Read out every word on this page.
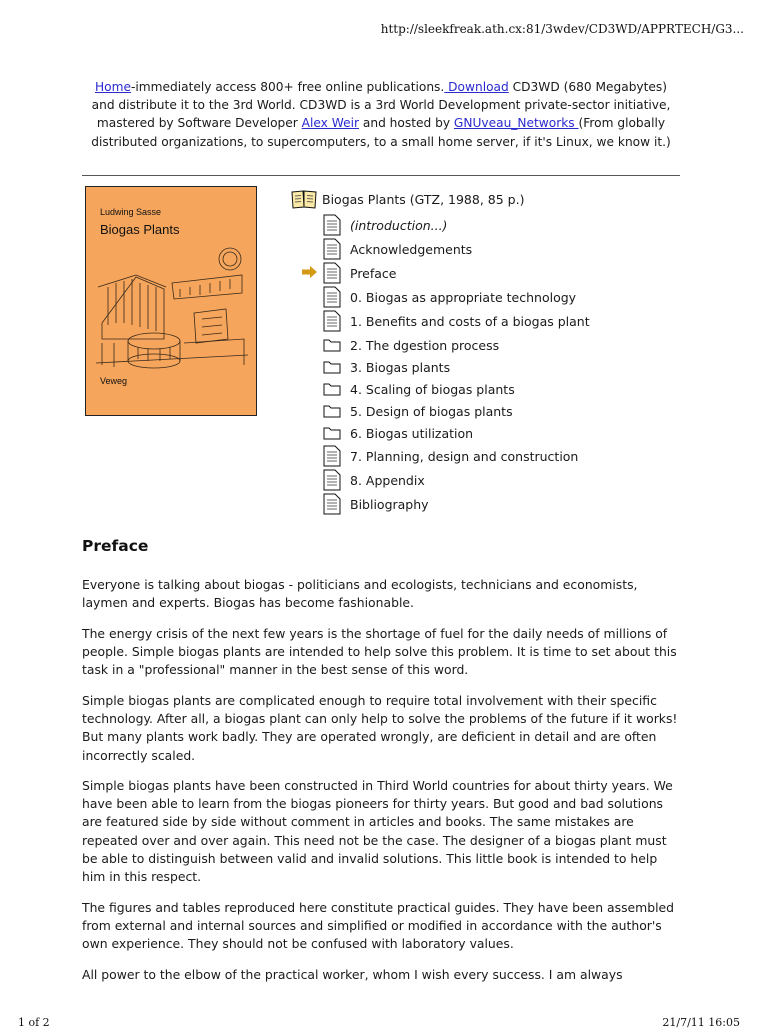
http://sleekfreak.ath.cx:81/3wdev/CD3WD/APPRTECH/G3...
Home-immediately access 800+ free online publications. Download CD3WD (680 Megabytes) and distribute it to the 3rd World. CD3WD is a 3rd World Development private-sector initiative, mastered by Software Developer Alex Weir and hosted by GNUveau_Networks (From globally distributed organizations, to supercomputers, to a small home server, if it's Linux, we know it.)
Ludwing Sasse
Biogas Plants
Veweg
Biogas Plants (GTZ, 1988, 85 p.)
(introduction...)
Acknowledgements
Preface
0. Biogas as appropriate technology
1. Benefits and costs of a biogas plant
2. The dgestion process
3. Biogas plants
4. Scaling of biogas plants
5. Design of biogas plants
6. Biogas utilization
7. Planning, design and construction
8. Appendix
Bibliography
Preface

Everyone is talking about biogas - politicians and ecologists, technicians and economists, laymen and experts. Biogas has become fashionable.

The energy crisis of the next few years is the shortage of fuel for the daily needs of millions of people. Simple biogas plants are intended to help solve this problem. It is time to set about this task in a "professional" manner in the best sense of this word.

Simple biogas plants are complicated enough to require total involvement with their specific technology. After all, a biogas plant can only help to solve the problems of the future if it works! But many plants work badly. They are operated wrongly, are deficient in detail and are often incorrectly scaled.

Simple biogas plants have been constructed in Third World countries for about thirty years. We have been able to learn from the biogas pioneers for thirty years. But good and bad solutions are featured side by side without comment in articles and books. The same mistakes are repeated over and over again. This need not be the case. The designer of a biogas plant must be able to distinguish between valid and invalid solutions. This little book is intended to help him in this respect.

The figures and tables reproduced here constitute practical guides. They have been assembled from external and internal sources and simplified or modified in accordance with the author's own experience. They should not be confused with laboratory values.

All power to the elbow of the practical worker, whom I wish every success. I am always

1 of 2	21/7/11 16:05
